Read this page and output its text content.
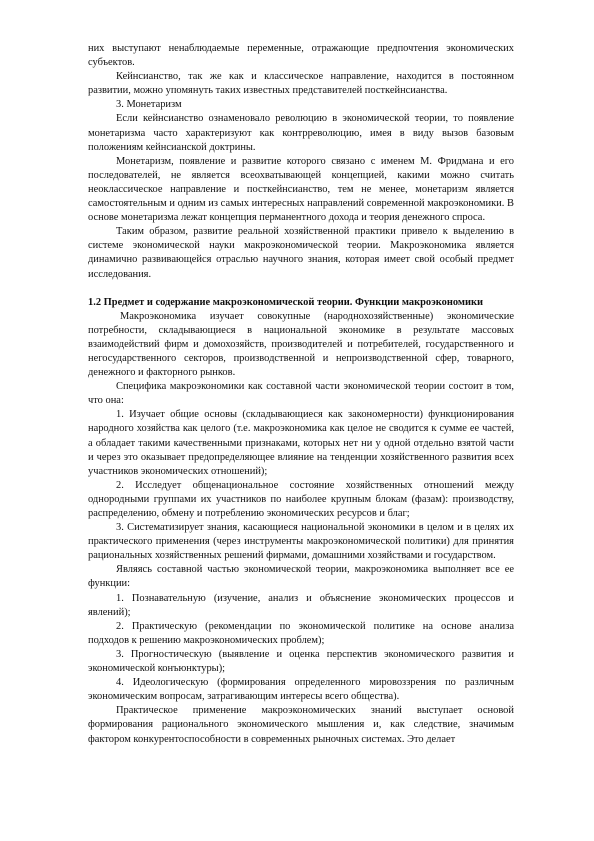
них выступают ненаблюдаемые переменные, отражающие предпочтения экономических субъектов.

Кейнсианство, так же как и классическое направление, находится в постоянном развитии, можно упомянуть таких известных представителей посткейнсианства.

3. Монетаризм

Если кейнсианство ознаменовало революцию в экономической теории, то появление монетаризма часто характеризуют как контрреволюцию, имея в виду вызов базовым положениям кейнсианской доктрины.

Монетаризм, появление и развитие которого связано с именем М. Фридмана и его последователей, не является всеохватывающей концепцией, какими можно считать неоклассическое направление и посткейнсианство, тем не менее, монетаризм является самостоятельным и одним из самых интересных направлений современной макроэкономики. В основе монетаризма лежат концепция перманентного дохода и теория денежного спроса.

Таким образом, развитие реальной хозяйственной практики привело к выделению в системе экономической науки макроэкономической теории. Макроэкономика является динамично развивающейся отраслью научного знания, которая имеет свой особый предмет исследования.

1.2 Предмет и содержание макроэкономической теории. Функции макроэкономики

Макроэкономика изучает совокупные (народнохозяйственные) экономические потребности, складывающиеся в национальной экономике в результате массовых взаимодействий фирм и домохозяйств, производителей и потребителей, государственного и негосударственного секторов, производственной и непроизводственной сфер, товарного, денежного и факторного рынков.

Специфика макроэкономики как составной части экономической теории состоит в том, что она:

1. Изучает общие основы (складывающиеся как закономерности) функционирования народного хозяйства как целого (т.е. макроэкономика как целое не сводится к сумме ее частей, а обладает такими качественными признаками, которых нет ни у одной отдельно взятой части и через это оказывает предопределяющее влияние на тенденции хозяйственного развития всех участников экономических отношений);

2. Исследует общенациональное состояние хозяйственных отношений между однородными группами их участников по наиболее крупным блокам (фазам): производству, распределению, обмену и потреблению экономических ресурсов и благ;

3. Систематизирует знания, касающиеся национальной экономики в целом и в целях их практического применения (через инструменты макроэкономической политики) для принятия рациональных хозяйственных решений фирмами, домашними хозяйствами и государством.

Являясь составной частью экономической теории, макроэкономика выполняет все ее функции:

1. Познавательную (изучение, анализ и объяснение экономических процессов и явлений);

2. Практическую (рекомендации по экономической политике на основе анализа подходов к решению макроэкономических проблем);

3. Прогностическую (выявление и оценка перспектив экономического развития и экономической конъюнктуры);

4. Идеологическую (формирования определенного мировоззрения по различным экономическим вопросам, затрагивающим интересы всего общества).

Практическое применение макроэкономических знаний выступает основой формирования рационального экономического мышления и, как следствие, значимым фактором конкурентоспособности в современных рыночных системах. Это делает
